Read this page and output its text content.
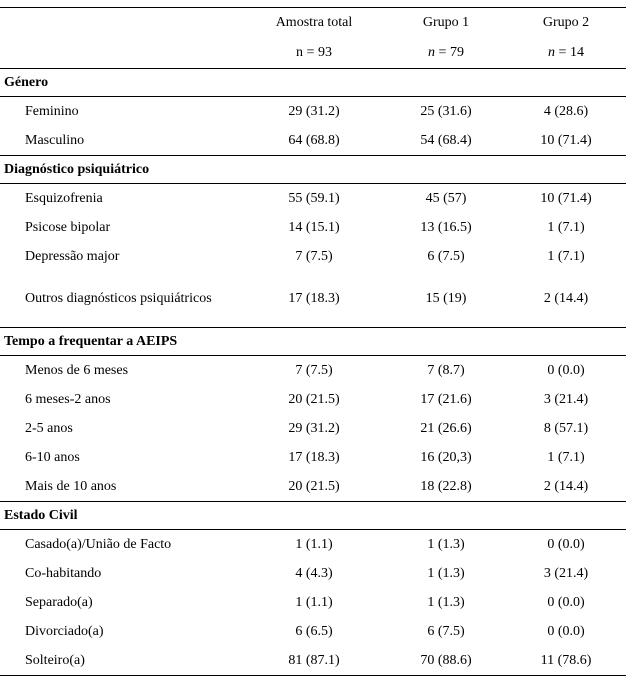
	Amostra total	Grupo 1	Grupo 2
	n = 93	n = 79	n = 14
Género			
Feminino	29 (31.2)	25 (31.6)	4 (28.6)
Masculino	64 (68.8)	54 (68.4)	10 (71.4)
Diagnóstico psiquiátrico			
Esquizofrenia	55 (59.1)	45 (57)	10 (71.4)
Psicose bipolar	14 (15.1)	13 (16.5)	1 (7.1)
Depressão major	7 (7.5)	6 (7.5)	1 (7.1)
Outros diagnósticos psiquiátricos	17 (18.3)	15 (19)	2 (14.4)
Tempo a frequentar a AEIPS			
Menos de 6 meses	7 (7.5)	7 (8.7)	0 (0.0)
6 meses-2 anos	20 (21.5)	17 (21.6)	3 (21.4)
2-5 anos	29 (31.2)	21 (26.6)	8 (57.1)
6-10 anos	17 (18.3)	16 (20,3)	1 (7.1)
Mais de 10 anos	20 (21.5)	18 (22.8)	2 (14.4)
Estado Civil			
Casado(a)/União de Facto	1 (1.1)	1 (1.3)	0 (0.0)
Co-habitando	4 (4.3)	1 (1.3)	3 (21.4)
Separado(a)	1 (1.1)	1 (1.3)	0 (0.0)
Divorciado(a)	6 (6.5)	6 (7.5)	0 (0.0)
Solteiro(a)	81 (87.1)	70 (88.6)	11 (78.6)
